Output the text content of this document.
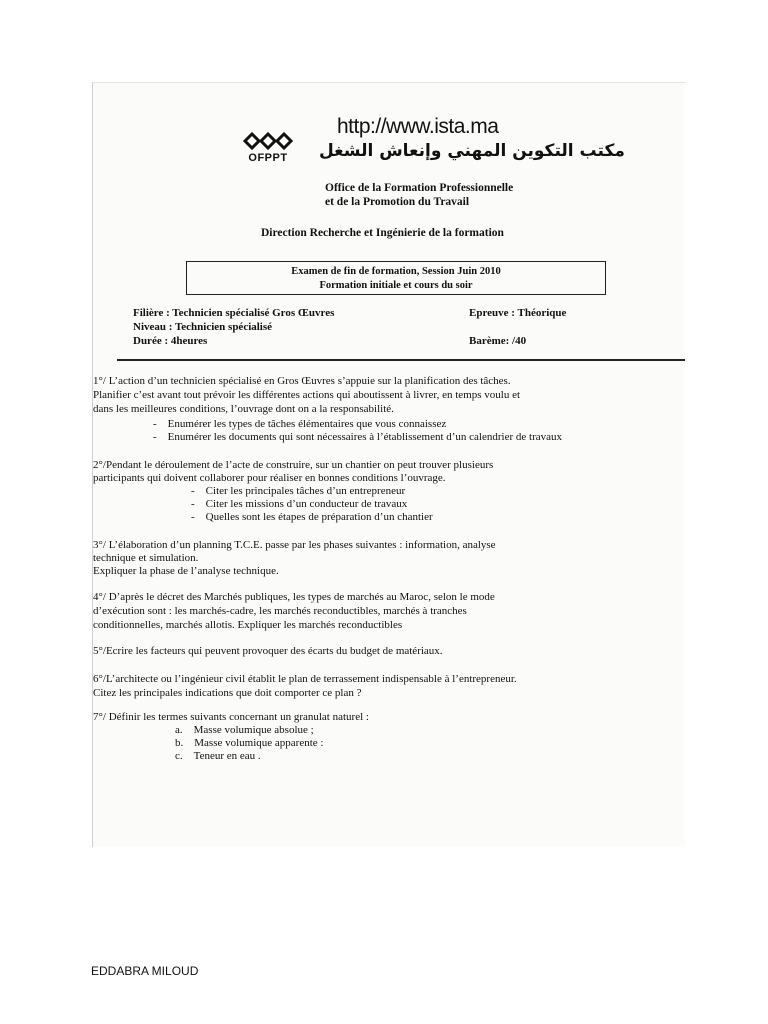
OFPPT
http://www.ista.ma
مكتب التكوين المهني وإنعاش الشغل
Office de la Formation Professionnelle
et de la Promotion du Travail
Direction Recherche et Ingénierie de la formation
Examen de fin de formation, Session Juin 2010
Formation initiale et cours du soir
Filière : Technicien spécialisé Gros Œuvres
Niveau : Technicien spécialisé
Durée : 4heures
Epreuve : Théorique
Barème: /40
1°/ L’action d’un technicien spécialisé en Gros Œuvres s’appuie sur la planification des tâches.
Planifier c’est avant tout prévoir les différentes actions qui aboutissent à livrer, en temps voulu et
dans les meilleures conditions, l’ouvrage dont on a la responsabilité.
-    Enumérer les types de tâches élémentaires que vous connaissez
-    Enumérer les documents qui sont nécessaires à l’établissement d’un calendrier de travaux
2°/Pendant le déroulement de l’acte de construire, sur un chantier on peut trouver plusieurs
participants qui doivent collaborer pour réaliser en bonnes conditions l’ouvrage.
-    Citer les principales tâches d’un entrepreneur
-    Citer les missions d’un conducteur de travaux
-    Quelles sont les étapes de préparation d’un chantier
3°/ L’élaboration d’un planning T.C.E. passe par les phases suivantes : information, analyse
technique et simulation.
Expliquer la phase de l’analyse technique.
4°/ D’après le décret des Marchés publiques, les types de marchés au Maroc, selon le mode
d’exécution sont : les marchés-cadre, les marchés reconductibles, marchés à tranches
conditionnelles, marchés allotis. Expliquer les marchés reconductibles
5°/Ecrire les facteurs qui peuvent provoquer des écarts du budget de matériaux.
6°/L’architecte ou l’ingénieur civil établit le plan de terrassement indispensable à l’entrepreneur.
Citez les principales indications que doit comporter ce plan ?
7°/ Définir les termes suivants concernant un granulat naturel :
a. Masse volumique absolue ;
b. Masse volumique apparente :
c. Teneur en eau .
EDDABRA MILOUD
